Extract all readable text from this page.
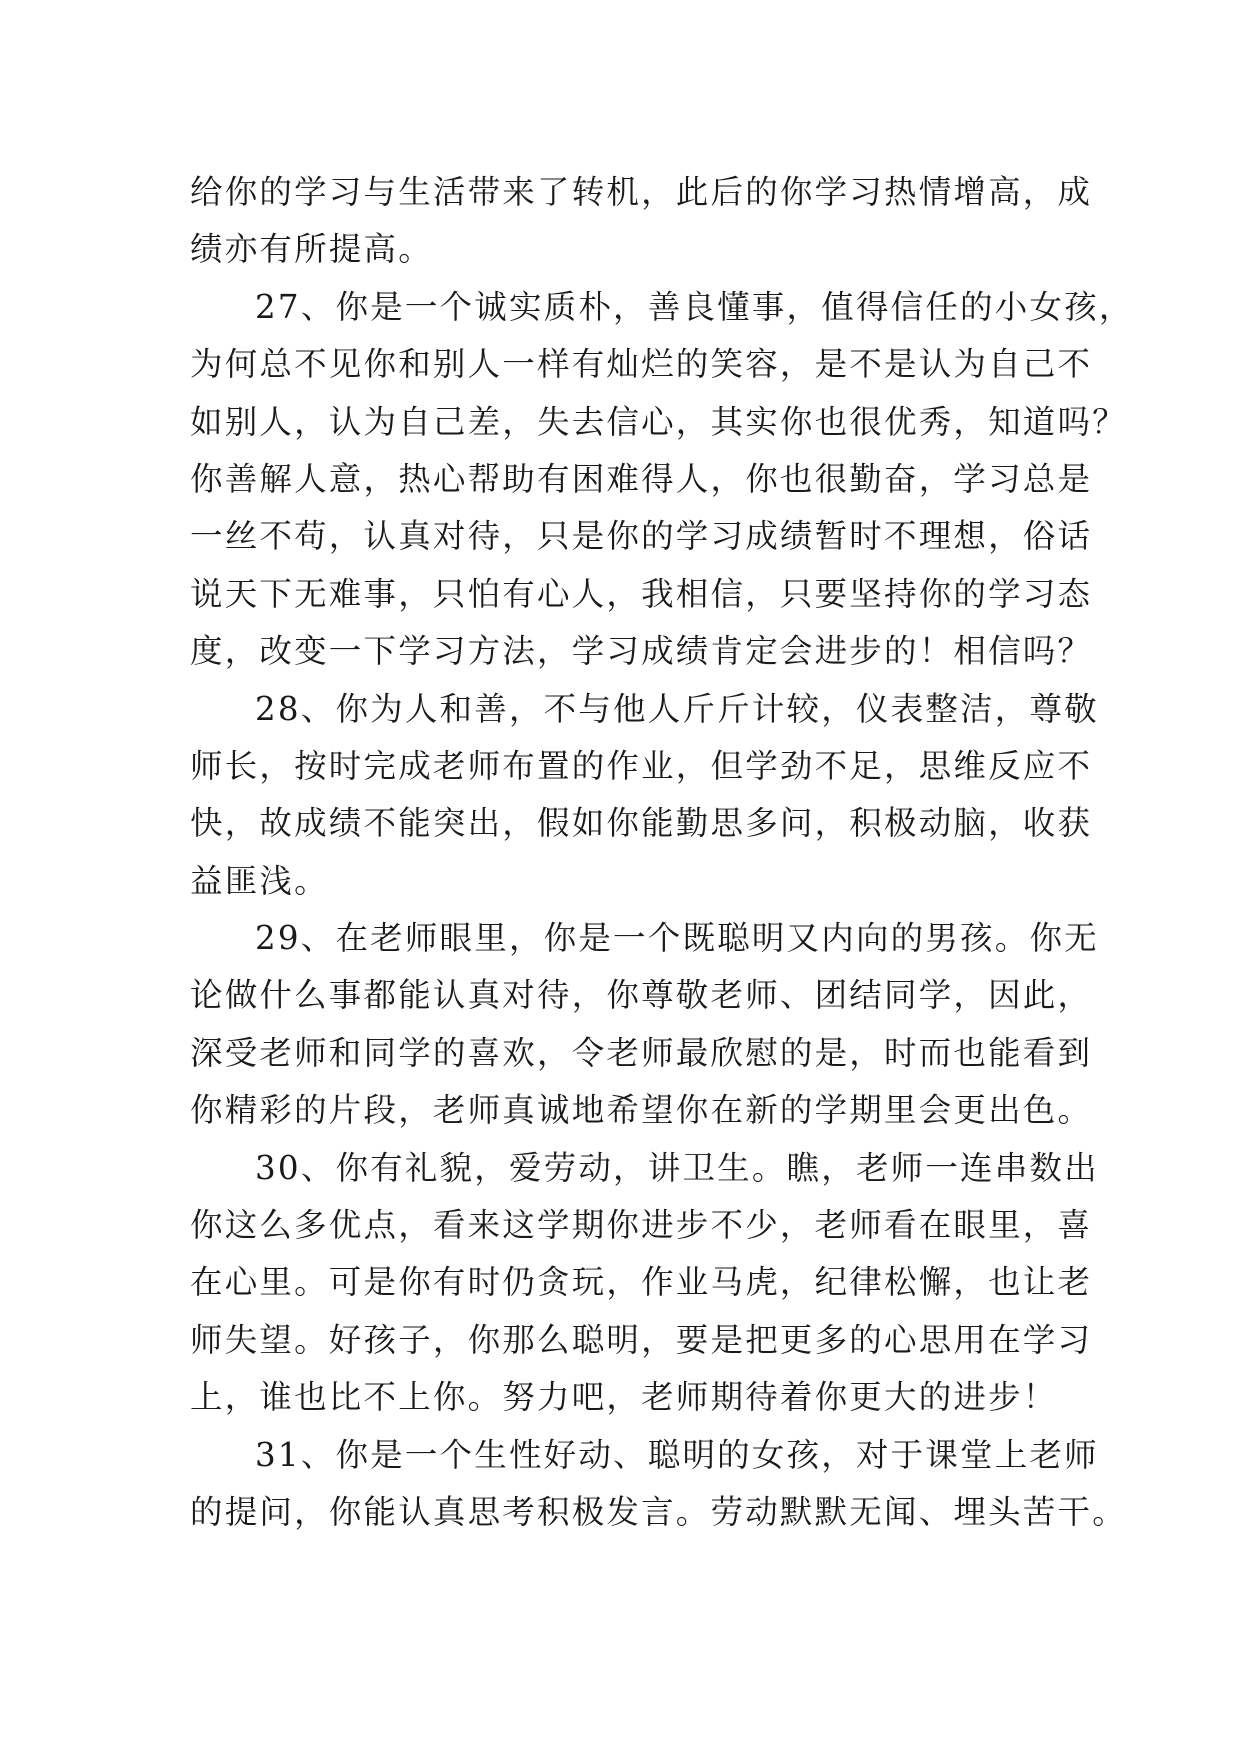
给你的学习与生活带来了转机，此后的你学习热情增高，成
绩亦有所提高。
27、你是一个诚实质朴，善良懂事，值得信任的小女孩，
为何总不见你和别人一样有灿烂的笑容，是不是认为自己不
如别人，认为自己差，失去信心，其实你也很优秀，知道吗？
你善解人意，热心帮助有困难得人，你也很勤奋，学习总是
一丝不苟，认真对待，只是你的学习成绩暂时不理想，俗话
说天下无难事，只怕有心人，我相信，只要坚持你的学习态
度，改变一下学习方法，学习成绩肯定会进步的！相信吗？
28、你为人和善，不与他人斤斤计较，仪表整洁，尊敬
师长，按时完成老师布置的作业，但学劲不足，思维反应不
快，故成绩不能突出，假如你能勤思多问，积极动脑，收获
益匪浅。
29、在老师眼里，你是一个既聪明又内向的男孩。你无
论做什么事都能认真对待，你尊敬老师、团结同学，因此，
深受老师和同学的喜欢，令老师最欣慰的是，时而也能看到
你精彩的片段，老师真诚地希望你在新的学期里会更出色。
30、你有礼貌，爱劳动，讲卫生。瞧，老师一连串数出
你这么多优点，看来这学期你进步不少，老师看在眼里，喜
在心里。可是你有时仍贪玩，作业马虎，纪律松懈，也让老
师失望。好孩子，你那么聪明，要是把更多的心思用在学习
上，谁也比不上你。努力吧，老师期待着你更大的进步！
31、你是一个生性好动、聪明的女孩，对于课堂上老师
的提问，你能认真思考积极发言。劳动默默无闻、埋头苦干。
